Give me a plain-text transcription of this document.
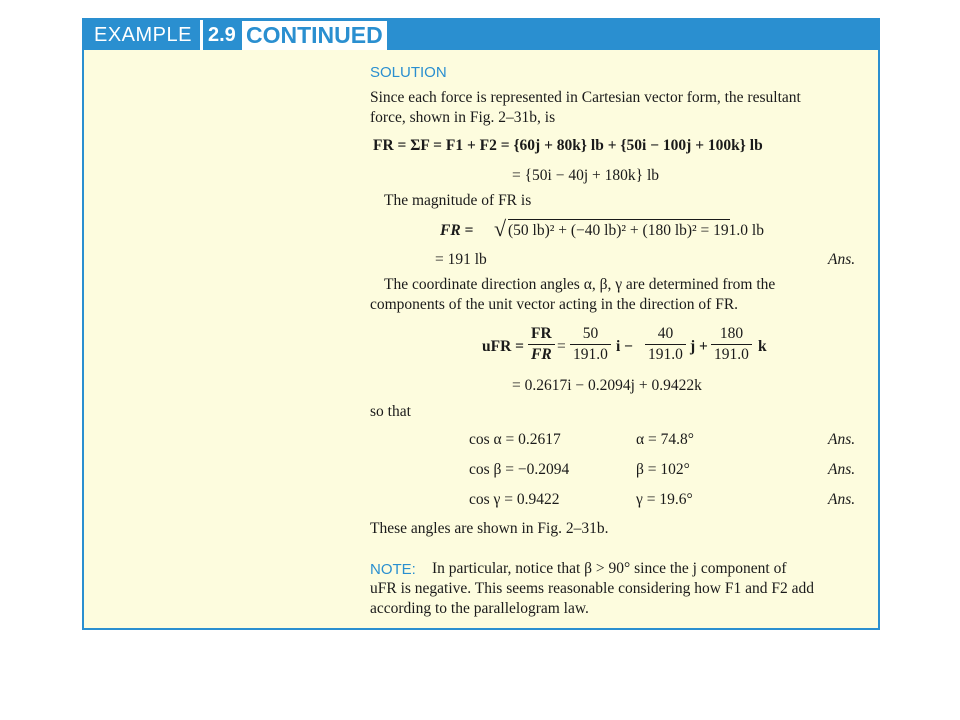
EXAMPLE 2.9 CONTINUED
SOLUTION
Since each force is represented in Cartesian vector form, the resultant
force, shown in Fig. 2–31b, is
FR = ΣF = F1 + F2 = {60j + 80k} lb + {50i − 100j + 100k} lb
= {50i − 40j + 180k} lb
The magnitude of FR is
FR = √ (50 lb)² + (−40 lb)² + (180 lb)² = 191.0 lb
= 191 lb	Ans.
The coordinate direction angles α, β, γ are determined from the
components of the unit vector acting in the direction of FR.
uFR = $\frac{FR}{FR} = \frac{50}{191.0}$ $i - \frac{40}{191.0}$ $j + \frac{180}{191.0}$ k
= 0.2617i − 0.2094j + 0.9422k
so that
cos α = 0.2617	α = 74.8°	Ans.
cos β = −0.2094	β = 102°	Ans.
cos γ = 0.9422	γ = 19.6°	Ans.
These angles are shown in Fig. 2–31b.
NOTE: In particular, notice that β > 90° since the j component of
uFR is negative. This seems reasonable considering how F1 and F2 add
according to the parallelogram law.
